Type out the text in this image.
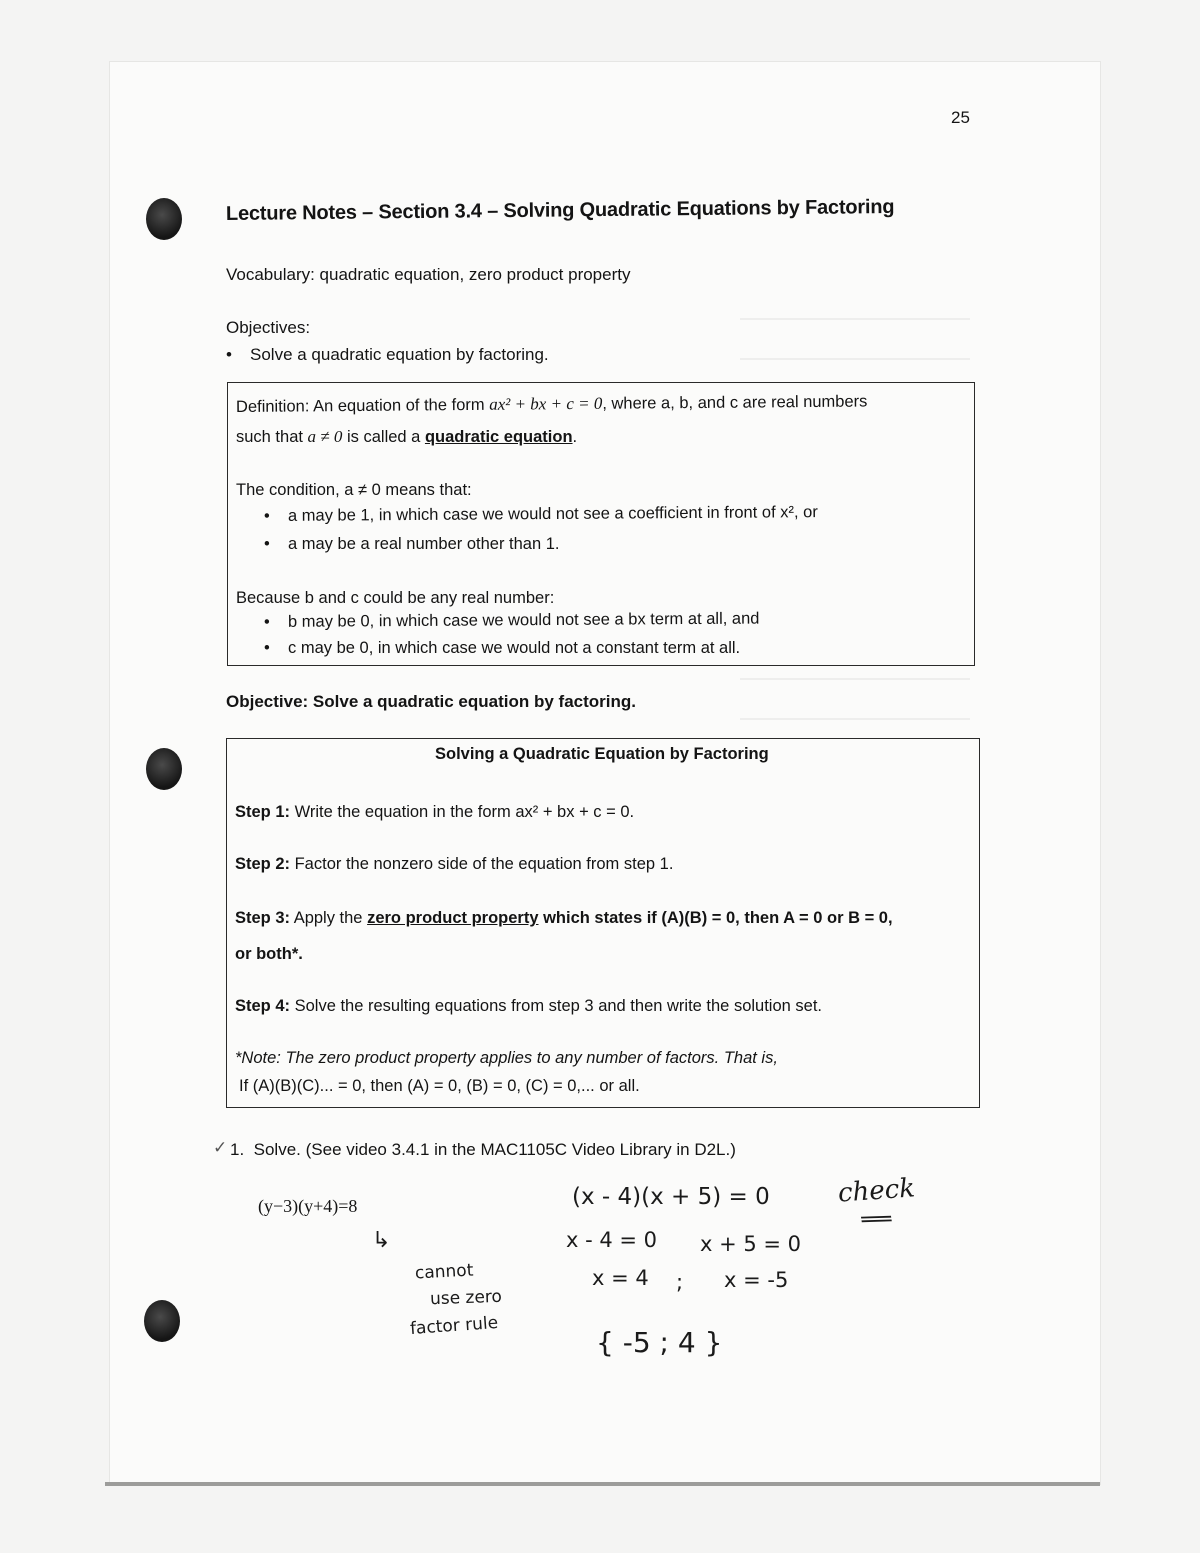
25
Lecture Notes – Section 3.4 – Solving Quadratic Equations by Factoring
Vocabulary: quadratic equation, zero product property
Objectives:
• Solve a quadratic equation by factoring.
Definition: An equation of the form ax² + bx + c = 0, where a, b, and c are real numbers
such that a ≠ 0 is called a quadratic equation.
The condition, a ≠ 0 means that:
• a may be 1, in which case we would not see a coefficient in front of x², or
• a may be a real number other than 1.
Because b and c could be any real number:
• b may be 0, in which case we would not see a bx term at all, and
• c may be 0, in which case we would not a constant term at all.
Objective: Solve a quadratic equation by factoring.
Solving a Quadratic Equation by Factoring
Step 1: Write the equation in the form ax² + bx + c = 0.
Step 2: Factor the nonzero side of the equation from step 1.
Step 3: Apply the zero product property which states if (A)(B) = 0, then A = 0 or B = 0,
or both*.
Step 4: Solve the resulting equations from step 3 and then write the solution set.
*Note: The zero product property applies to any number of factors. That is,
If (A)(B)(C)... = 0, then (A) = 0, (B) = 0, (C) = 0,... or all.
✓ 1. Solve. (See video 3.4.1 in the MAC1105C Video Library in D2L.)
(y−3)(y+4)=8
↳
cannot
use zero
factor rule
(x - 4)(x + 5) = 0
x - 4 = 0 x + 5 = 0
x = 4 ; x = -5
{ -5 ; 4 }
check
═
